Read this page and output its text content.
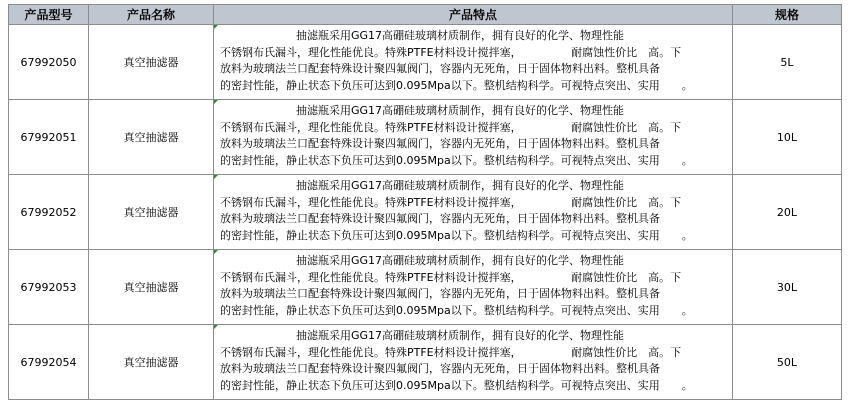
产品型号	产品名称	产品特点	规格
67992050	真空抽滤器	抽滤瓶采用GG17高硼硅玻璃材质制作，拥有良好的化学、物理性能
不锈钢布氏漏斗，理化性能优良。特殊PTFE材料设计搅拌塞，　　　　　耐腐蚀性价比　高。下
放料为玻璃法兰口配套特殊设计聚四氟阀门，容器内无死角，日于固体物料出料。整机具备
的密封性能，静止状态下负压可达到0.095Mpa以下。整机结构科学。可视特点突出、实用　　。	5L
67992051	真空抽滤器	抽滤瓶采用GG17高硼硅玻璃材质制作，拥有良好的化学、物理性能
不锈钢布氏漏斗，理化性能优良。特殊PTFE材料设计搅拌塞，　　　　　耐腐蚀性价比　高。下
放料为玻璃法兰口配套特殊设计聚四氟阀门，容器内无死角，日于固体物料出料。整机具备
的密封性能，静止状态下负压可达到0.095Mpa以下。整机结构科学。可视特点突出、实用　　。	10L
67992052	真空抽滤器	抽滤瓶采用GG17高硼硅玻璃材质制作，拥有良好的化学、物理性能
不锈钢布氏漏斗，理化性能优良。特殊PTFE材料设计搅拌塞，　　　　　耐腐蚀性价比　高。下
放料为玻璃法兰口配套特殊设计聚四氟阀门，容器内无死角，日于固体物料出料。整机具备
的密封性能，静止状态下负压可达到0.095Mpa以下。整机结构科学。可视特点突出、实用　　。	20L
67992053	真空抽滤器	抽滤瓶采用GG17高硼硅玻璃材质制作，拥有良好的化学、物理性能
不锈钢布氏漏斗，理化性能优良。特殊PTFE材料设计搅拌塞，　　　　　耐腐蚀性价比　高。下
放料为玻璃法兰口配套特殊设计聚四氟阀门，容器内无死角，日于固体物料出料。整机具备
的密封性能，静止状态下负压可达到0.095Mpa以下。整机结构科学。可视特点突出、实用　　。	30L
67992054	真空抽滤器	抽滤瓶采用GG17高硼硅玻璃材质制作，拥有良好的化学、物理性能
不锈钢布氏漏斗，理化性能优良。特殊PTFE材料设计搅拌塞，　　　　　耐腐蚀性价比　高。下
放料为玻璃法兰口配套特殊设计聚四氟阀门，容器内无死角，日于固体物料出料。整机具备
的密封性能，静止状态下负压可达到0.095Mpa以下。整机结构科学。可视特点突出、实用　　。	50L
